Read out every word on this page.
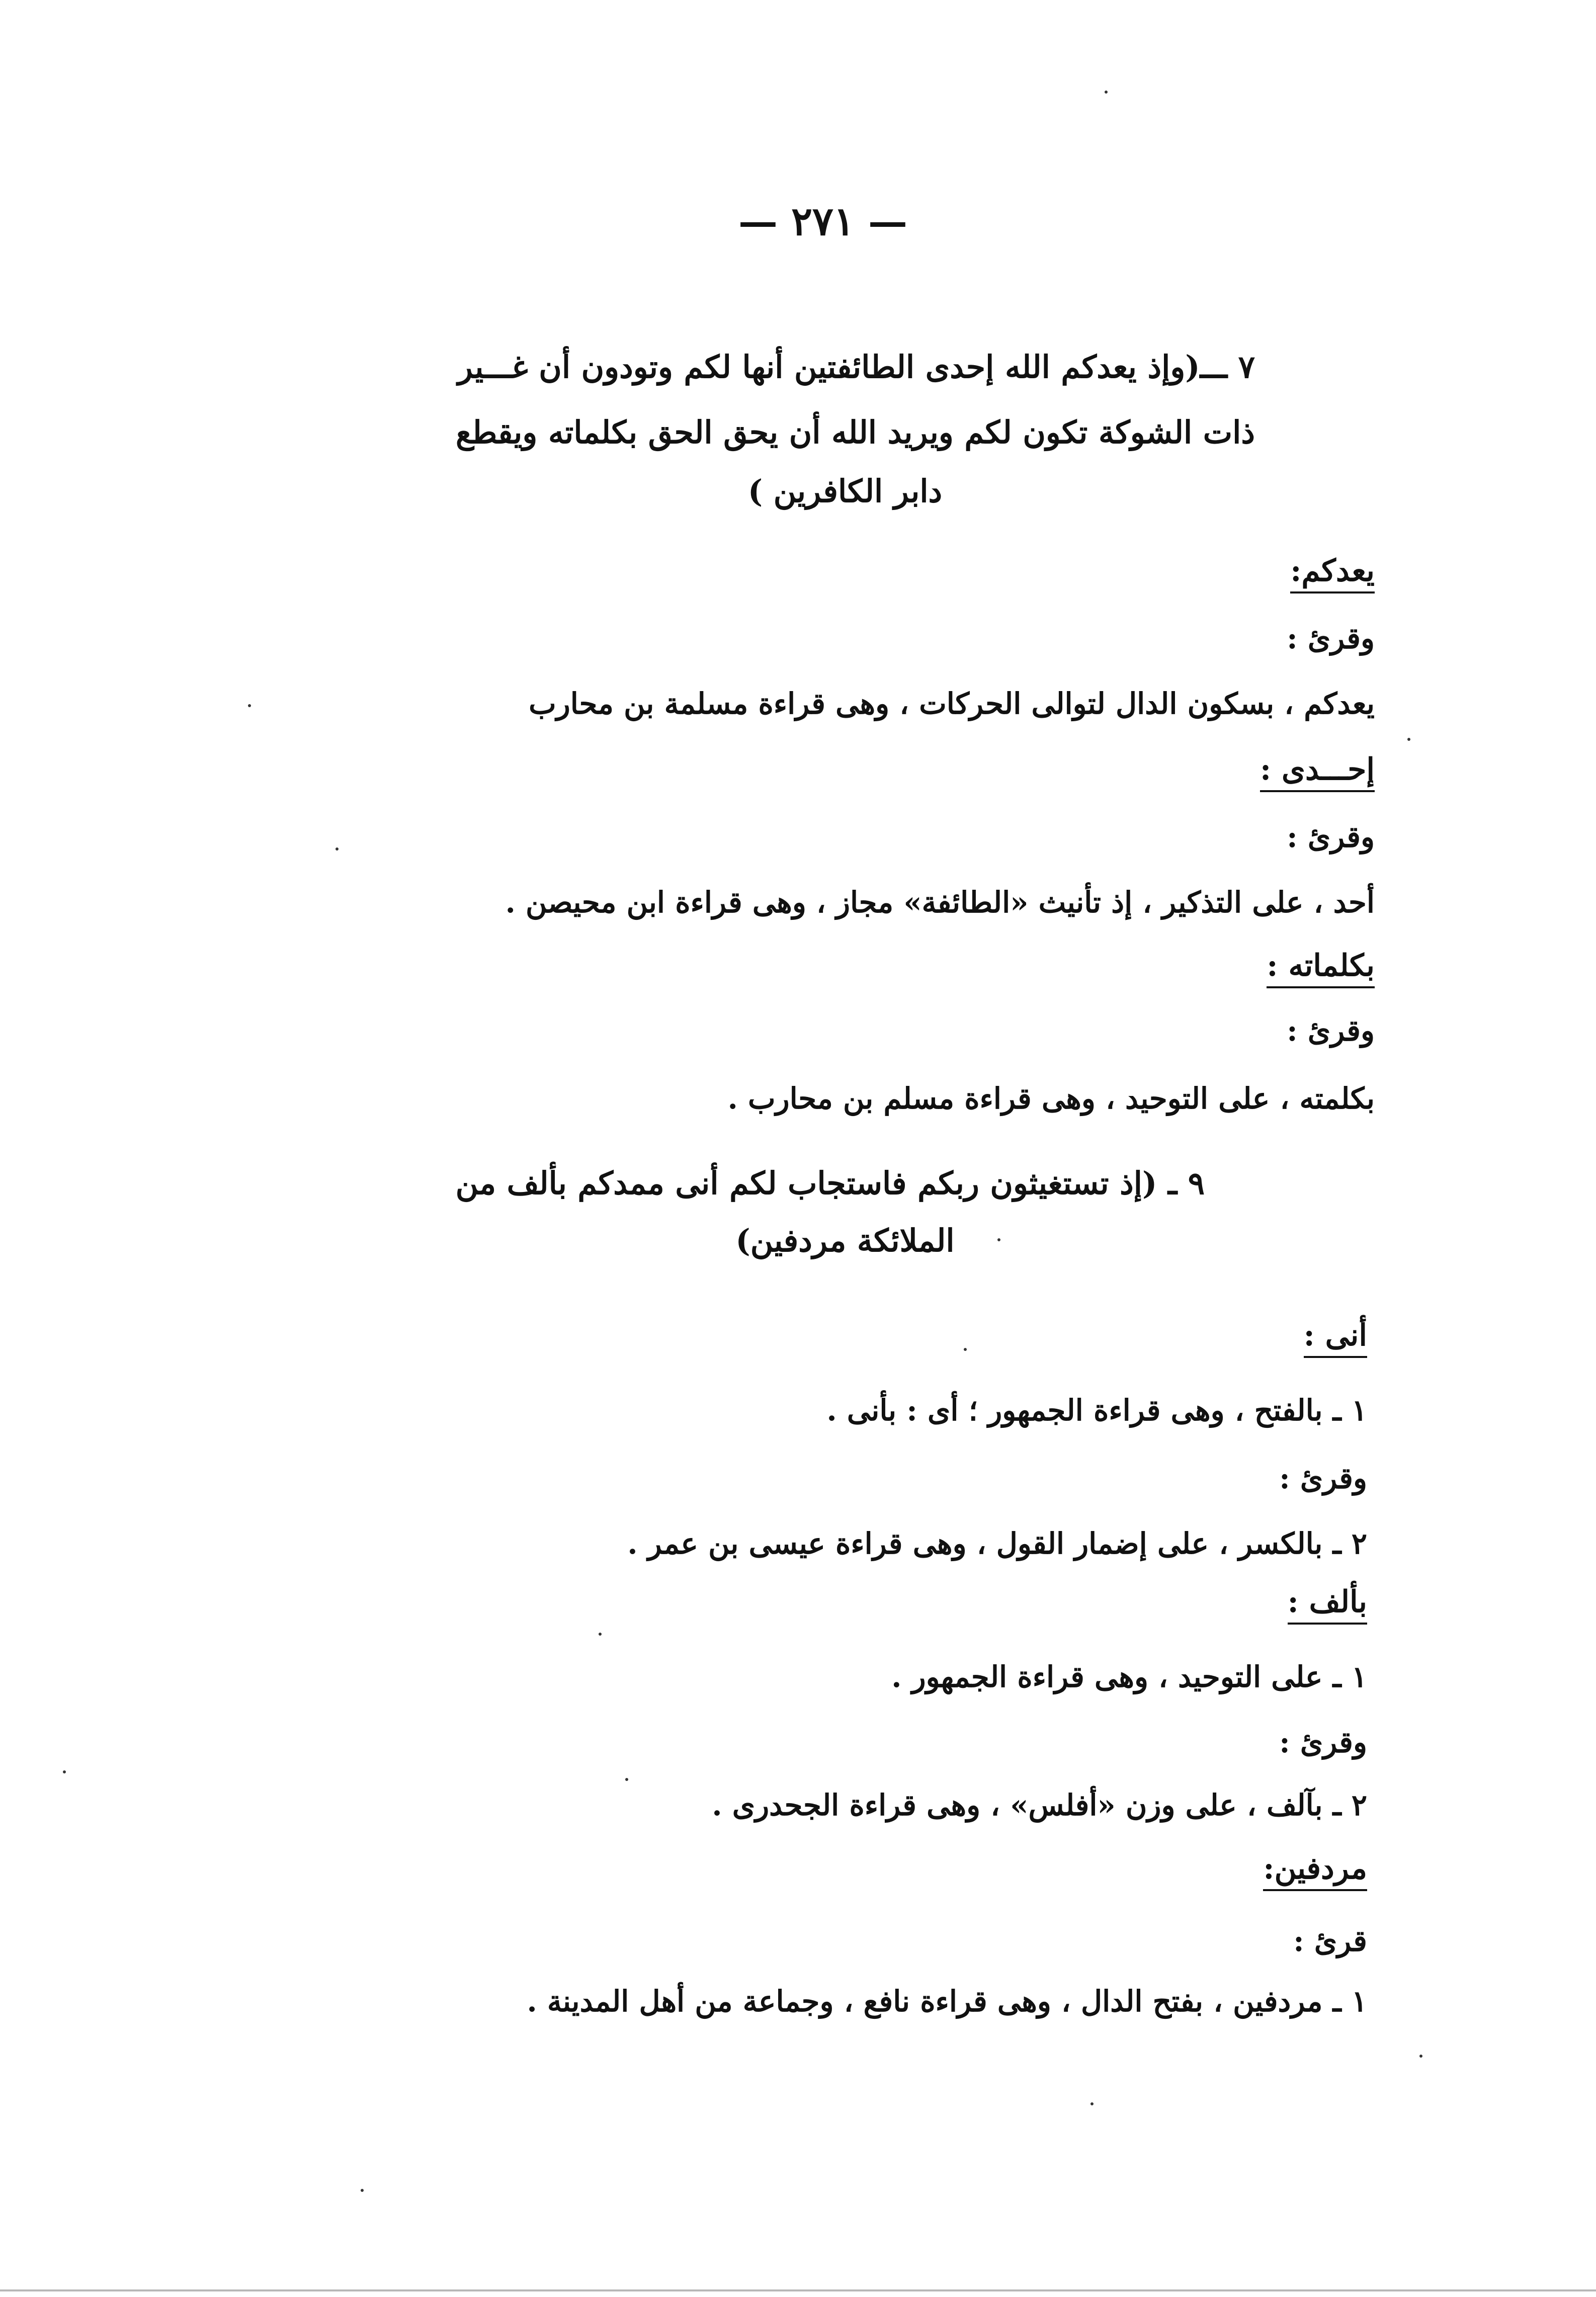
— ٢٧١ —
٧ ـــ(وإذ يعدكم الله إحدى الطائفتين أنها لكم وتودون أن غـــير
ذات الشوكة تكون لكم ويريد الله أن يحق الحق بكلماته ويقطع
دابر الكافرين )
يعدكم:
وقرئ :
يعدكم ، بسكون الدال لتوالى الحركات ، وهى قراءة مسلمة بن محارب
إحـــدى :
وقرئ :
أحد ، على التذكير ، إذ تأنيث «الطائفة» مجاز ، وهى قراءة ابن محيصن .
بكلماته :
وقرئ :
بكلمته ، على التوحيد ، وهى قراءة مسلم بن محارب .
٩ ـ (إذ تستغيثون ربكم فاستجاب لكم أنى ممدكم بألف من
الملائكة مردفين)
أنى :
١ ـ بالفتح ، وهى قراءة الجمهور ؛ أى : بأنى .
وقرئ :
٢ ـ بالكسر ، على إضمار القول ، وهى قراءة عيسى بن عمر .
بألف :
١ ـ على التوحيد ، وهى قراءة الجمهور .
وقرئ :
٢ ـ بآلف ، على وزن «أفلس» ، وهى قراءة الجحدرى .
مردفين:
قرئ :
١ ـ مردفين ، بفتح الدال ، وهى قراءة نافع ، وجماعة من أهل المدينة .
